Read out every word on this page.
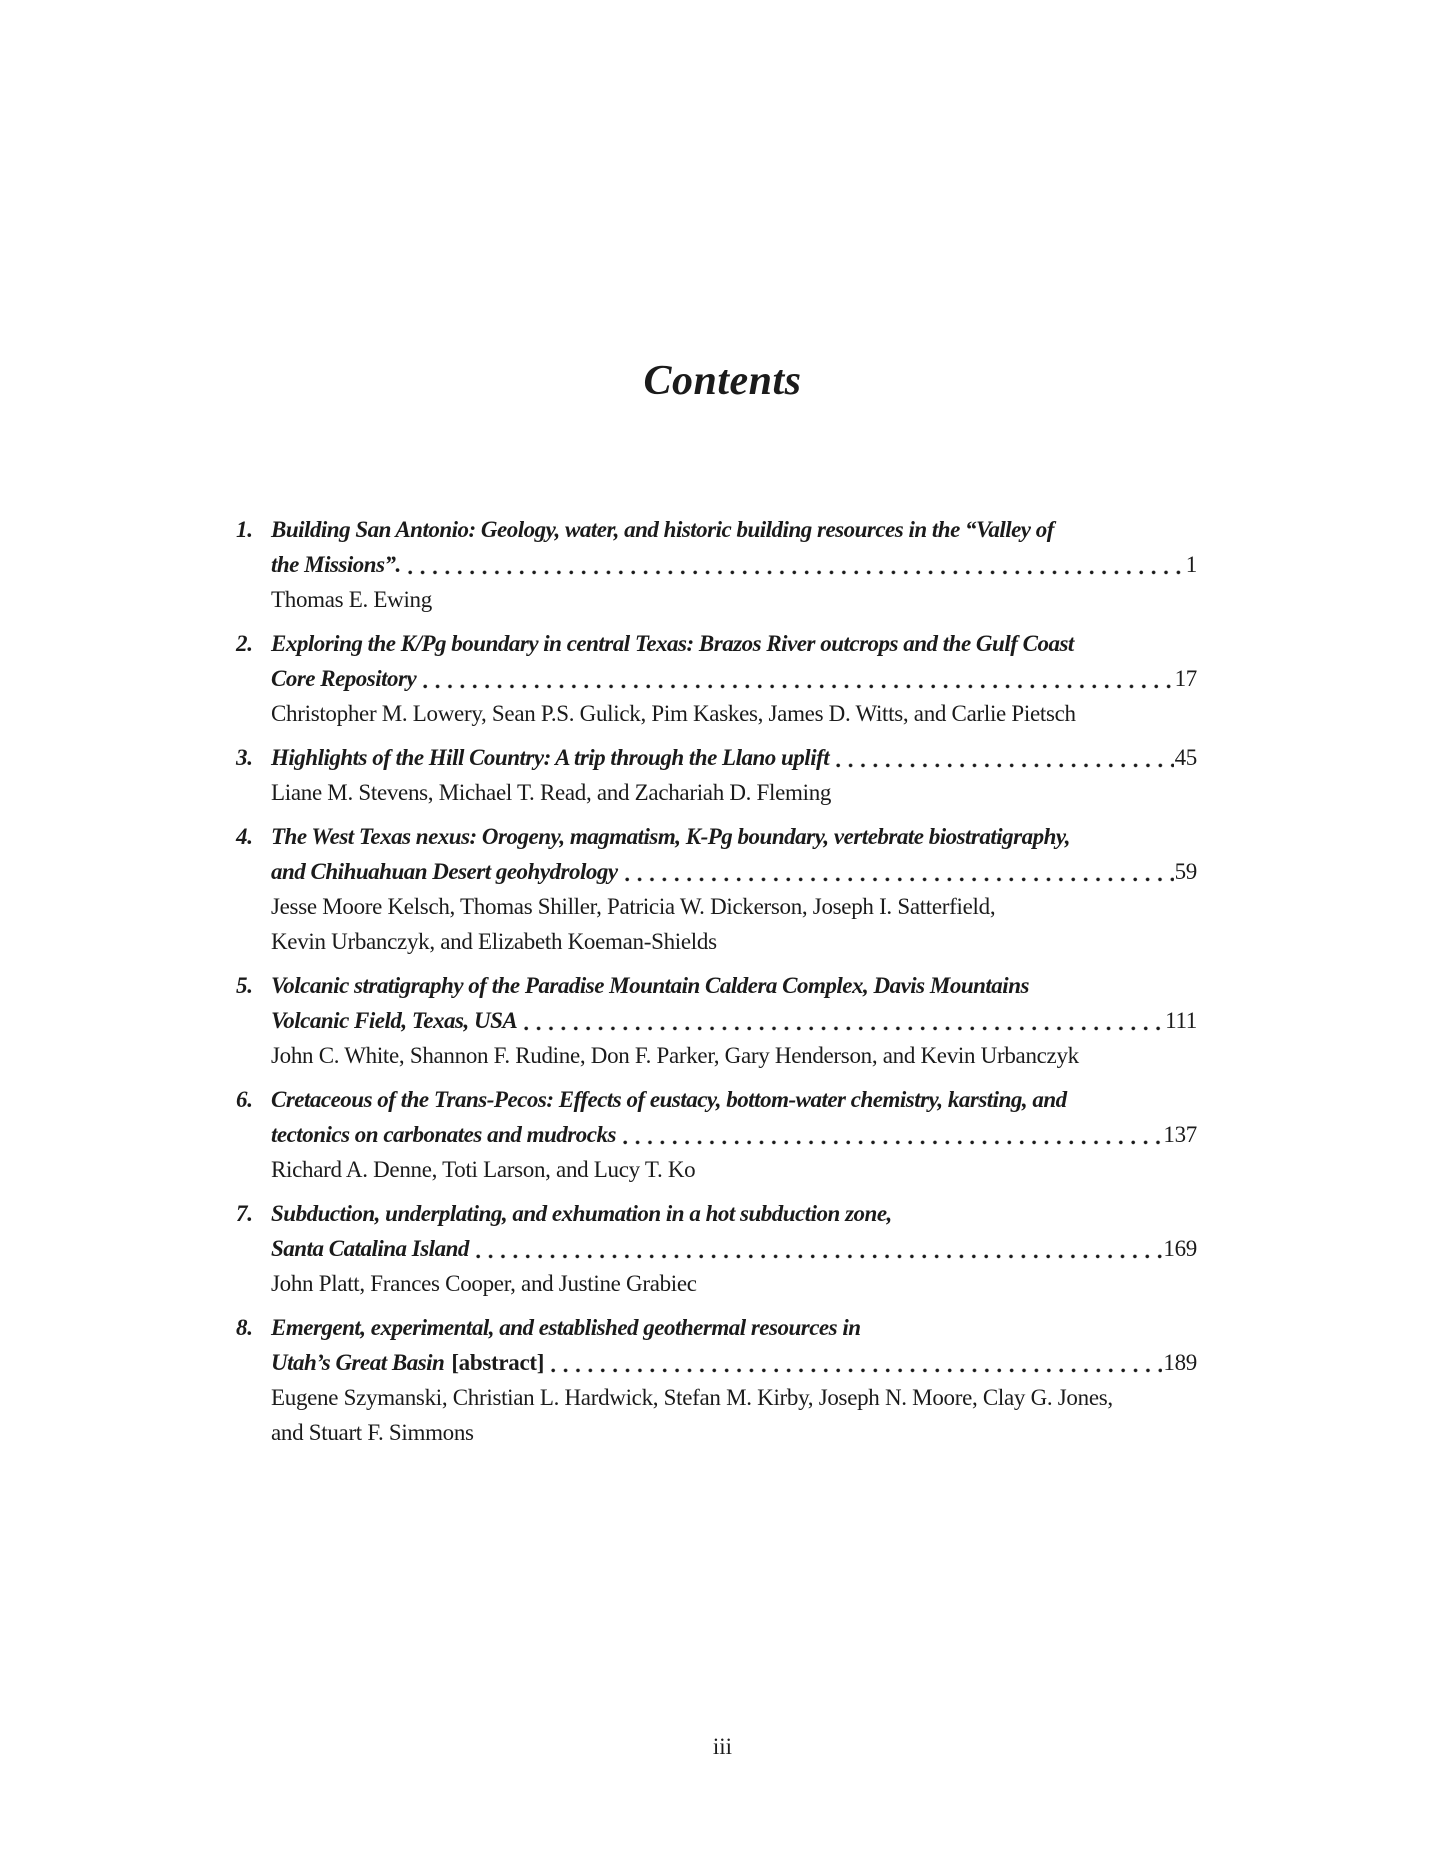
Contents
1. Building San Antonio: Geology, water, and historic building resources in the “Valley of
the Missions”.	1
Thomas E. Ewing
2. Exploring the K/Pg boundary in central Texas: Brazos River outcrops and the Gulf Coast
Core Repository	17
Christopher M. Lowery, Sean P.S. Gulick, Pim Kaskes, James D. Witts, and Carlie Pietsch
3. Highlights of the Hill Country: A trip through the Llano uplift	45
Liane M. Stevens, Michael T. Read, and Zachariah D. Fleming
4. The West Texas nexus: Orogeny, magmatism, K-Pg boundary, vertebrate biostratigraphy,
and Chihuahuan Desert geohydrology	59
Jesse Moore Kelsch, Thomas Shiller, Patricia W. Dickerson, Joseph I. Satterfield,
Kevin Urbanczyk, and Elizabeth Koeman-Shields
5. Volcanic stratigraphy of the Paradise Mountain Caldera Complex, Davis Mountains
Volcanic Field, Texas, USA	111
John C. White, Shannon F. Rudine, Don F. Parker, Gary Henderson, and Kevin Urbanczyk
6. Cretaceous of the Trans-Pecos: Effects of eustacy, bottom-water chemistry, karsting, and
tectonics on carbonates and mudrocks	137
Richard A. Denne, Toti Larson, and Lucy T. Ko
7. Subduction, underplating, and exhumation in a hot subduction zone,
Santa Catalina Island	169
John Platt, Frances Cooper, and Justine Grabiec
8. Emergent, experimental, and established geothermal resources in
Utah’s Great Basin [abstract]	189
Eugene Szymanski, Christian L. Hardwick, Stefan M. Kirby, Joseph N. Moore, Clay G. Jones,
and Stuart F. Simmons
iii
